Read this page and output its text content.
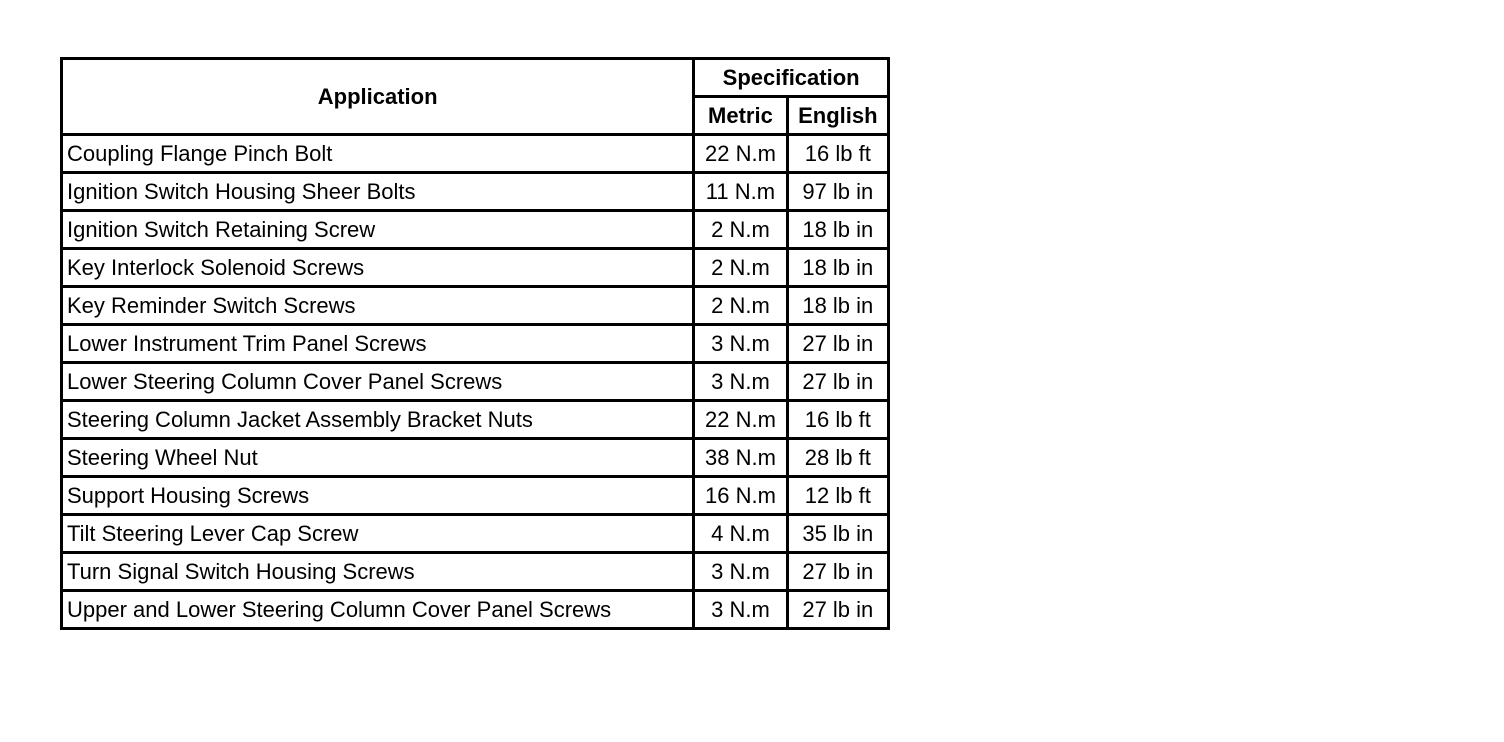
Application	Specification	
	Metric	English
Coupling Flange Pinch Bolt	22 N.m	16 lb ft
Ignition Switch Housing Sheer Bolts	11 N.m	97 lb in
Ignition Switch Retaining Screw	2 N.m	18 lb in
Key Interlock Solenoid Screws	2 N.m	18 lb in
Key Reminder Switch Screws	2 N.m	18 lb in
Lower Instrument Trim Panel Screws	3 N.m	27 lb in
Lower Steering Column Cover Panel Screws	3 N.m	27 lb in
Steering Column Jacket Assembly Bracket Nuts	22 N.m	16 lb ft
Steering Wheel Nut	38 N.m	28 lb ft
Support Housing Screws	16 N.m	12 lb ft
Tilt Steering Lever Cap Screw	4 N.m	35 lb in
Turn Signal Switch Housing Screws	3 N.m	27 lb in
Upper and Lower Steering Column Cover Panel Screws	3 N.m	27 lb in
